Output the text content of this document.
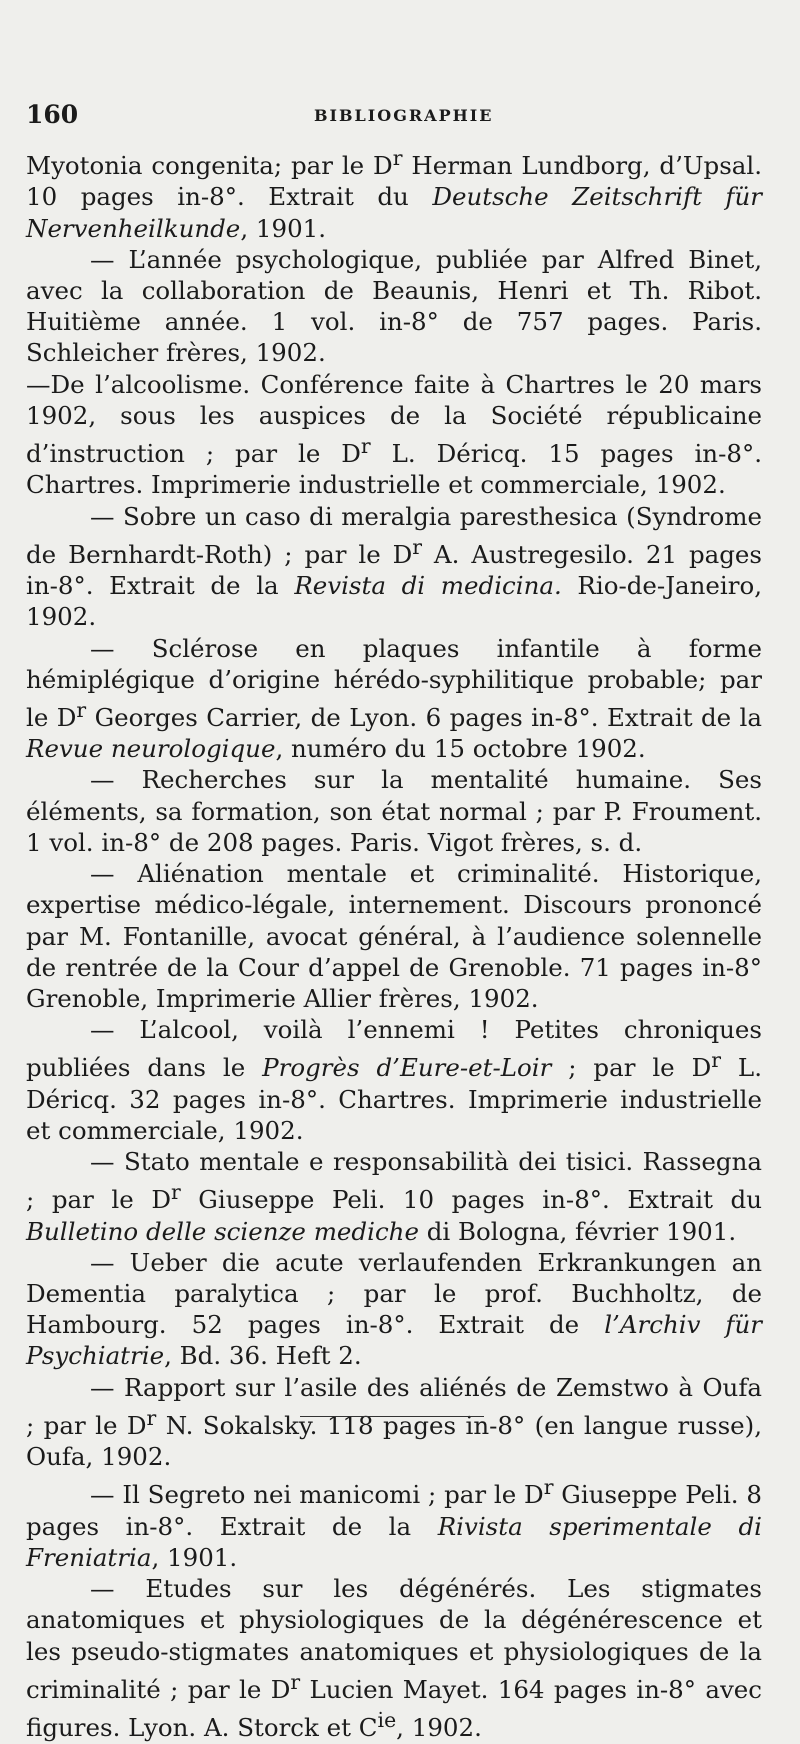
160	BIBLIOGRAPHIE

Myotonia congenita; par le $D^r$ Herman Lundborg, d’Upsal. 10 pages in-8°. Extrait du Deutsche Zeitschrift für Nervenheilkunde, 1901.

— L’année psychologique, publiée par Alfred Binet, avec la collaboration de Beaunis, Henri et Th. Ribot. Huitième année. 1 vol. in-8° de 757 pages. Paris. Schleicher frères, 1902.

—De l’alcoolisme. Conférence faite à Chartres le 20 mars 1902, sous les auspices de la Société républicaine d’instruction ; par le $D^r$ L. Déricq. 15 pages in-8°. Chartres. Imprimerie industrielle et commerciale, 1902.

— Sobre un caso di meralgia paresthesica (Syndrome de Bernhardt-Roth) ; par le $D^r$ A. Austregesilo. 21 pages in-8°. Extrait de la Revista di medicina. Rio-de-Janeiro, 1902.

— Sclérose en plaques infantile à forme hémiplégique d’origine hérédo-syphilitique probable; par le $D^r$ Georges Carrier, de Lyon. 6 pages in-8°. Extrait de la Revue neurologique, numéro du 15 octobre 1902.

— Recherches sur la mentalité humaine. Ses éléments, sa formation, son état normal ; par P. Froument. 1 vol. in-8° de 208 pages. Paris. Vigot frères, s. d.

— Aliénation mentale et criminalité. Historique, expertise médico-légale, internement. Discours prononcé par M. Fontanille, avocat général, à l’audience solennelle de rentrée de la Cour d’appel de Grenoble. 71 pages in-8° Grenoble, Imprimerie Allier frères, 1902.

— L’alcool, voilà l’ennemi ! Petites chroniques publiées dans le Progrès d’Eure-et-Loir ; par le $D^r$ L. Déricq. 32 pages in-8°. Chartres. Imprimerie industrielle et commerciale, 1902.

— Stato mentale e responsabilità dei tisici. Rassegna ; par le $D^r$ Giuseppe Peli. 10 pages in-8°. Extrait du Bulletino delle scienze mediche di Bologna, février 1901.

— Ueber die acute verlaufenden Erkrankungen an Dementia paralytica ; par le prof. Buchholtz, de Hambourg. 52 pages in-8°. Extrait de l’Archiv für Psychiatrie, Bd. 36. Heft 2.

— Rapport sur l’asile des aliénés de Zemstwo à Oufa ; par le $D^r$ N. Sokalsky. 118 pages in-8° (en langue russe), Oufa, 1902.

— Il Segreto nei manicomi ; par le $D^r$ Giuseppe Peli. 8 pages in-8°. Extrait de la Rivista sperimentale di Freniatria, 1901.

— Etudes sur les dégénérés. Les stigmates anatomiques et physiologiques de la dégénérescence et les pseudo-stigmates anatomiques et physiologiques de la criminalité ; par le $D^r$ Lucien Mayet. 164 pages in-8° avec figures. Lyon. A. Storck et $C^{ie}$, 1902.
